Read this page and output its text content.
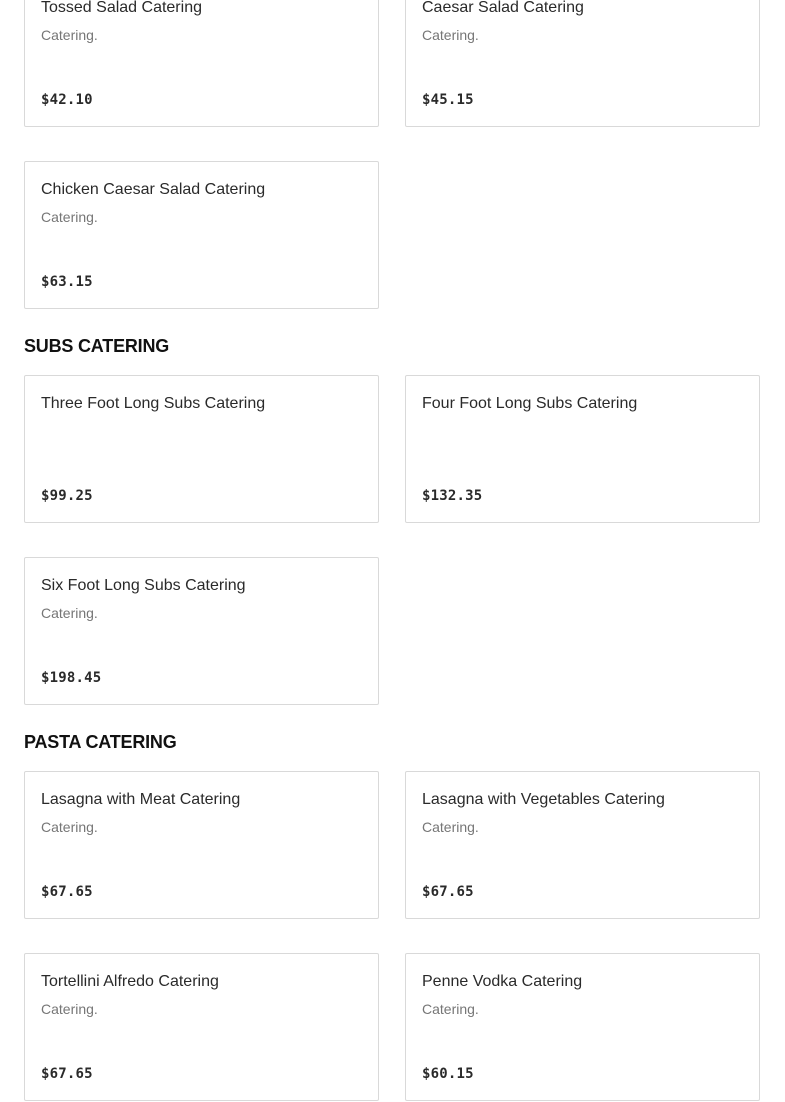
Tossed Salad Catering
Catering.
$42.10
Caesar Salad Catering
Catering.
$45.15
Chicken Caesar Salad Catering
Catering.
$63.15
SUBS CATERING
Three Foot Long Subs Catering
$99.25
Four Foot Long Subs Catering
$132.35
Six Foot Long Subs Catering
Catering.
$198.45
PASTA CATERING
Lasagna with Meat Catering
Catering.
$67.65
Lasagna with Vegetables Catering
Catering.
$67.65
Tortellini Alfredo Catering
Catering.
$67.65
Penne Vodka Catering
Catering.
$60.15
